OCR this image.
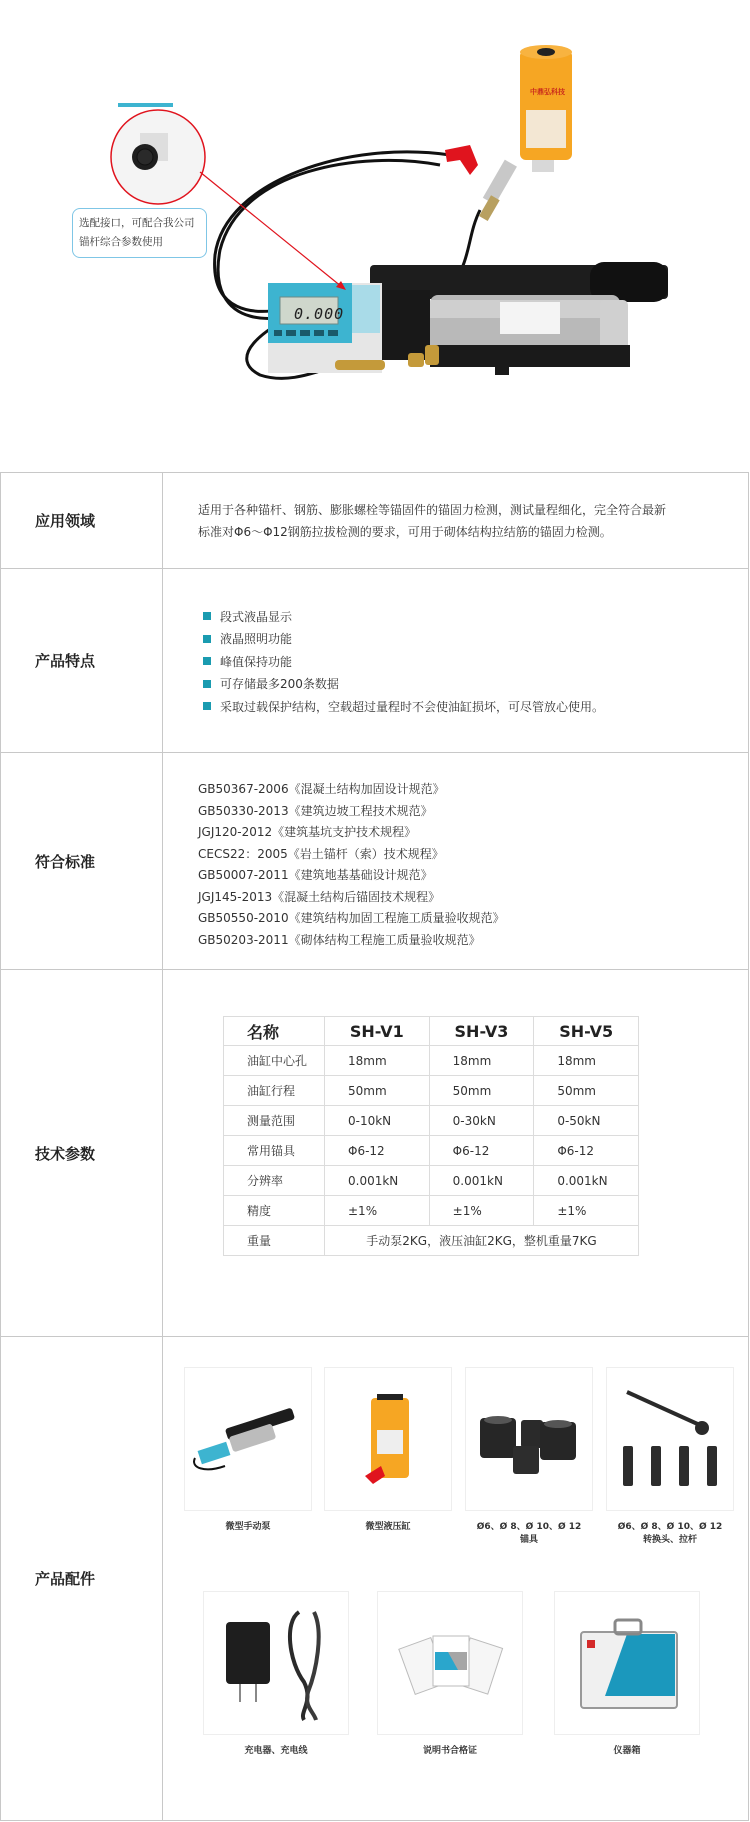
中鼎弘科技
选配接口，可配合我公司
锚杆综合参数使用
0.000
应用领域
适用于各种锚杆、钢筋、膨胀螺栓等锚固件的锚固力检测，测试量程细化，完全符合最新
标准对Φ6～Φ12钢筋拉拔检测的要求，可用于砌体结构拉结筋的锚固力检测。
产品特点
段式液晶显示
液晶照明功能
峰值保持功能
可存储最多200条数据
采取过载保护结构，空载超过量程时不会使油缸损坏，可尽管放心使用。
符合标准
GB50367-2006《混凝土结构加固设计规范》
GB50330-2013《建筑边坡工程技术规范》
JGJ120-2012《建筑基坑支护技术规程》
CECS22：2005《岩土锚杆（索）技术规程》
GB50007-2011《建筑地基基础设计规范》
JGJ145-2013《混凝土结构后锚固技术规程》
GB50550-2010《建筑结构加固工程施工质量验收规范》
GB50203-2011《砌体结构工程施工质量验收规范》
技术参数
名称	SH-V1	SH-V3	SH-V5
油缸中心孔	18mm	18mm	18mm
油缸行程	50mm	50mm	50mm
测量范围	0-10kN	0-30kN	0-50kN
常用锚具	Φ6-12	Φ6-12	Φ6-12
分辨率	0.001kN	0.001kN	0.001kN
精度	±1%	±1%	±1%
重量	手动泵2KG，液压油缸2KG，整机重量7KG		
产品配件
微型手动泵	微型液压缸	Ø6、Ø 8、Ø 10、Ø 12
锚具
Ø6、Ø 8、Ø 10、Ø 12
转换头、拉杆
充电器、充电线	说明书合格证	仪器箱
